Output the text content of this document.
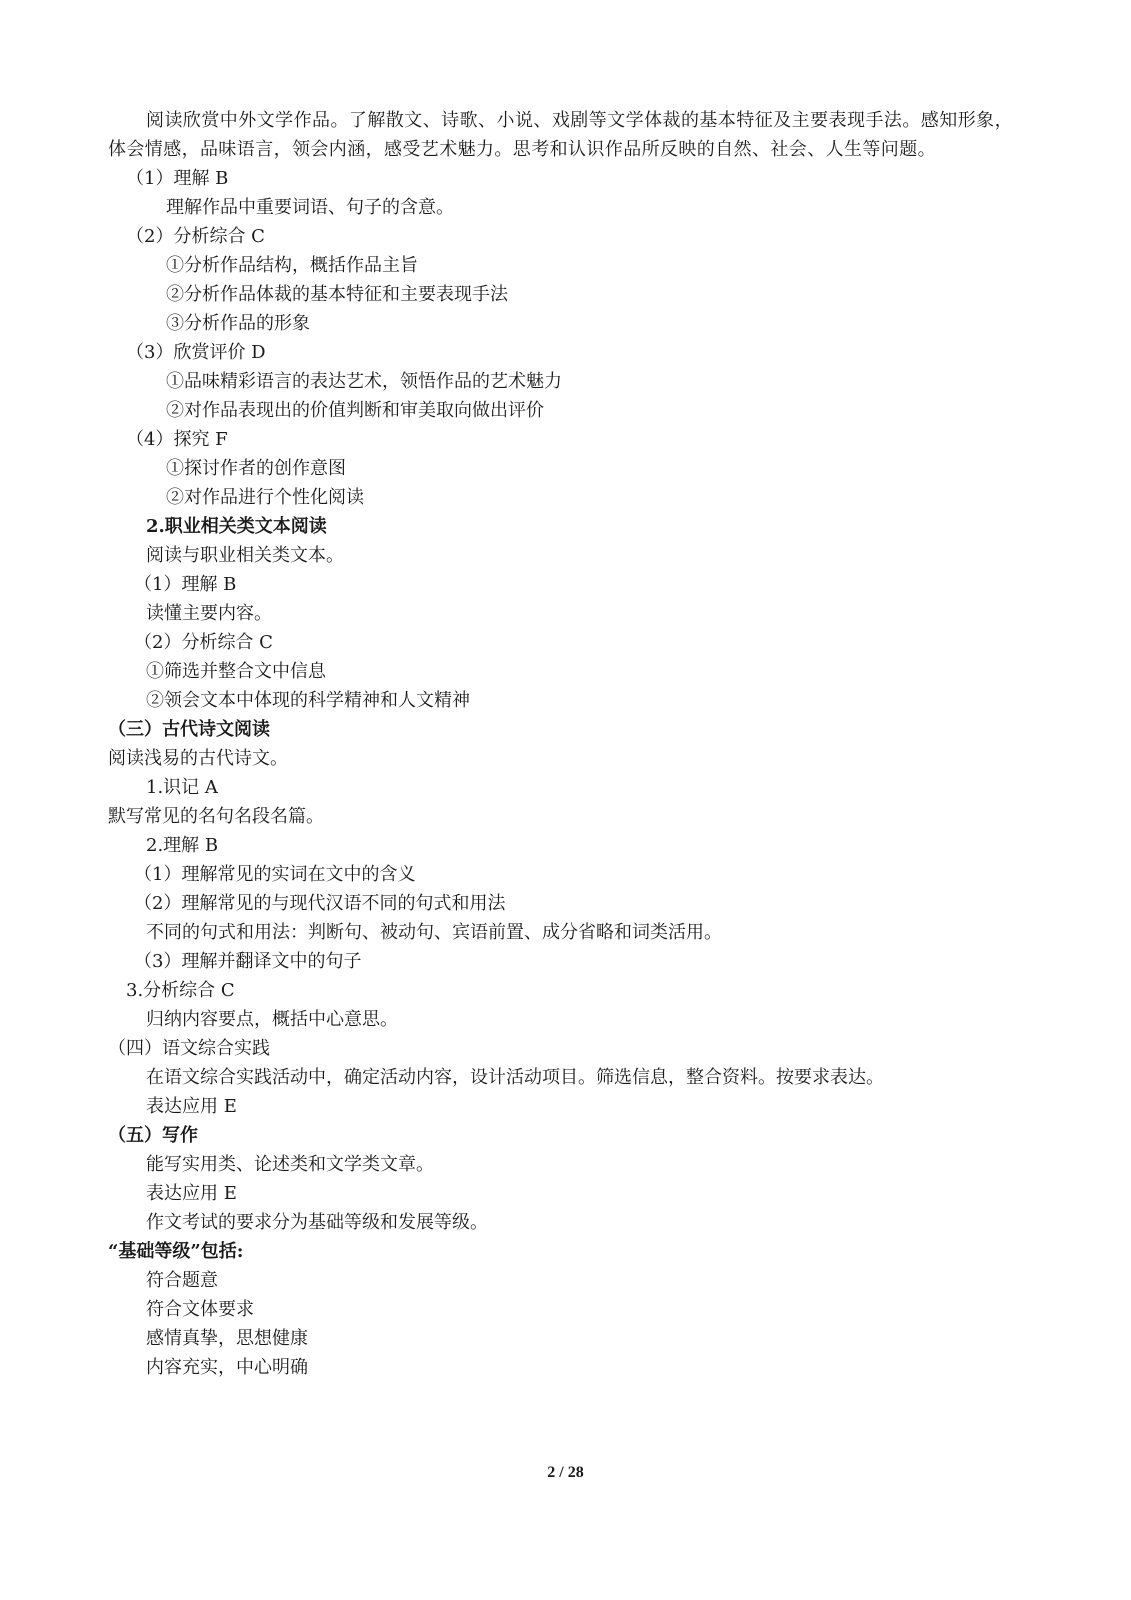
阅读欣赏中外文学作品。了解散文、诗歌、小说、戏剧等文学体裁的基本特征及主要表现手法。感知形象，体会情感，品味语言，领会内涵，感受艺术魅力。思考和认识作品所反映的自然、社会、人生等问题。
（1）理解 B
理解作品中重要词语、句子的含意。
（2）分析综合 C
①分析作品结构，概括作品主旨
②分析作品体裁的基本特征和主要表现手法
③分析作品的形象
（3）欣赏评价 D
①品味精彩语言的表达艺术，领悟作品的艺术魅力
②对作品表现出的价值判断和审美取向做出评价
（4）探究 F
①探讨作者的创作意图
②对作品进行个性化阅读
2.职业相关类文本阅读
阅读与职业相关类文本。
（1）理解 B
读懂主要内容。
（2）分析综合 C
①筛选并整合文中信息
②领会文本中体现的科学精神和人文精神
（三）古代诗文阅读
阅读浅易的古代诗文。
1.识记 A
默写常见的名句名段名篇。
2.理解 B
（1）理解常见的实词在文中的含义
（2）理解常见的与现代汉语不同的句式和用法
不同的句式和用法：判断句、被动句、宾语前置、成分省略和词类活用。
（3）理解并翻译文中的句子
3.分析综合 C
归纳内容要点，概括中心意思。
（四）语文综合实践
在语文综合实践活动中，确定活动内容，设计活动项目。筛选信息，整合资料。按要求表达。
表达应用 E
（五）写作
能写实用类、论述类和文学类文章。
表达应用 E
作文考试的要求分为基础等级和发展等级。
“基础等级”包括:
符合题意
符合文体要求
感情真挚，思想健康
内容充实，中心明确
2 / 28
